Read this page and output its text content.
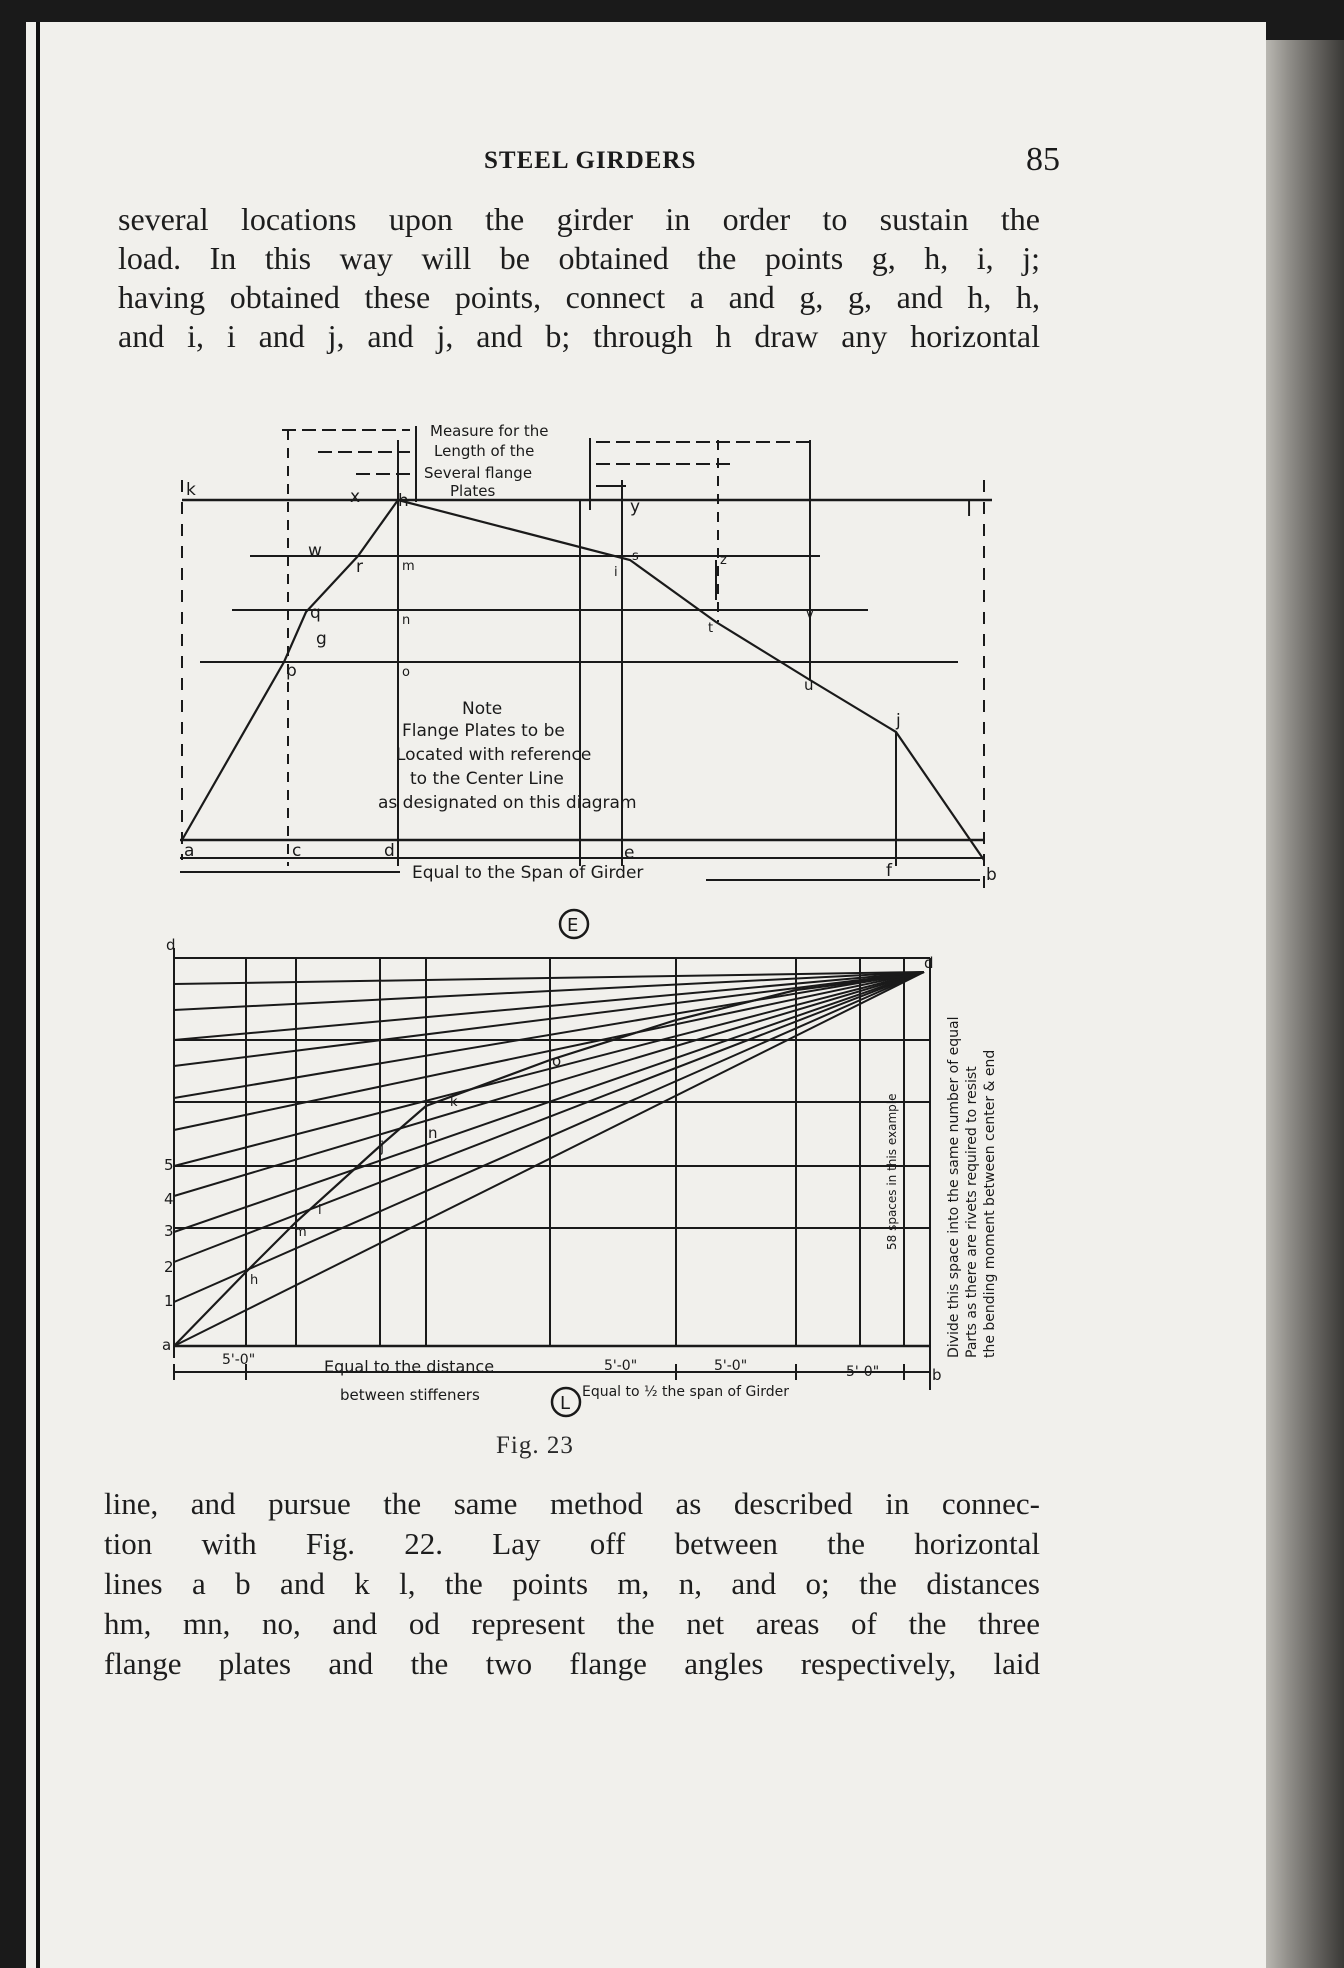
STEEL GIRDERS	85
several locations upon the girder in order to sustain the
load. In this way will be obtained the points g, h, i, j;
having obtained these points, connect a and g, g, and h, h,
and i, i and j, and j, and b; through h draw any horizontal
k
l
h
x	y
w
r	m
s
i
z
v
q	n
t
g
p	o
u
j
a	c	d	e
f	b
Measure for the
Length of the
Several flange
Plates
Note
Flange Plates to be
Located with reference
to the Center Line
as designated on this diagram
Equal to the Span of Girder
E
d
5
4
3
2
1
a
h
i
m
j
k
n
o
d
b
5'-0"	5'-0"	5'-0"	5'-0"
Equal to the distance
between stiffeners	Equal to ½ the span of Girder
L
58 spaces in this example	Divide this space into the same number of equal Parts as there are rivets required to resist the bending moment between center & end
Fig. 23
line, and pursue the same method as described in connec-
tion with Fig. 22. Lay off between the horizontal
lines a b and k l, the points m, n, and o; the distances
hm, mn, no, and od represent the net areas of the three
flange plates and the two flange angles respectively, laid
